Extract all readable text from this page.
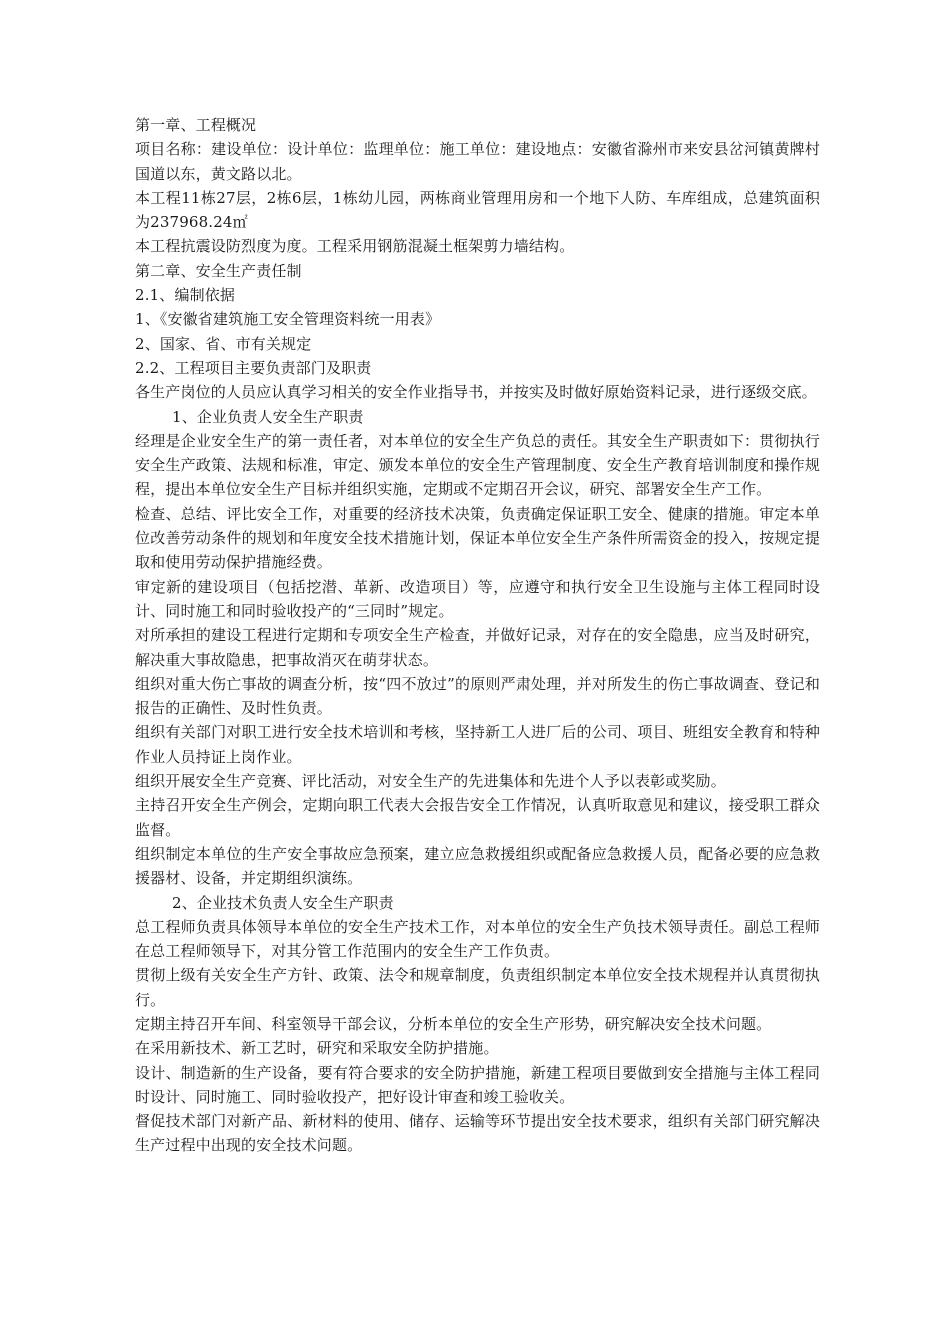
第一章、工程概况

项目名称：建设单位：设计单位：监理单位：施工单位：建设地点：安徽省滁州市来安县岔河镇黄牌村国道以东，黄文路以北。

本工程11栋27层，2栋6层，1栋幼儿园，两栋商业管理用房和一个地下人防、车库组成，总建筑面积为237968.24㎡

本工程抗震设防烈度为度。工程采用钢筋混凝土框架剪力墙结构。

第二章、安全生产责任制

2.1、编制依据

1、《安徽省建筑施工安全管理资料统一用表》

2、国家、省、市有关规定

2.2、工程项目主要负责部门及职责

各生产岗位的人员应认真学习相关的安全作业指导书，并按实及时做好原始资料记录，进行逐级交底。

1、企业负责人安全生产职责

经理是企业安全生产的第一责任者，对本单位的安全生产负总的责任。其安全生产职责如下：贯彻执行安全生产政策、法规和标准，审定、颁发本单位的安全生产管理制度、安全生产教育培训制度和操作规程，提出本单位安全生产目标并组织实施，定期或不定期召开会议，研究、部署安全生产工作。

检查、总结、评比安全工作，对重要的经济技术决策，负责确定保证职工安全、健康的措施。审定本单位改善劳动条件的规划和年度安全技术措施计划，保证本单位安全生产条件所需资金的投入，按规定提取和使用劳动保护措施经费。

审定新的建设项目（包括挖潜、革新、改造项目）等，应遵守和执行安全卫生设施与主体工程同时设计、同时施工和同时验收投产的“三同时”规定。

对所承担的建设工程进行定期和专项安全生产检查，并做好记录，对存在的安全隐患，应当及时研究，解决重大事故隐患，把事故消灭在萌芽状态。

组织对重大伤亡事故的调查分析，按“四不放过”的原则严肃处理，并对所发生的伤亡事故调查、登记和报告的正确性、及时性负责。

组织有关部门对职工进行安全技术培训和考核，坚持新工人进厂后的公司、项目、班组安全教育和特种作业人员持证上岗作业。

组织开展安全生产竞赛、评比活动，对安全生产的先进集体和先进个人予以表彰或奖励。

主持召开安全生产例会，定期向职工代表大会报告安全工作情况，认真听取意见和建议，接受职工群众监督。

组织制定本单位的生产安全事故应急预案，建立应急救援组织或配备应急救援人员，配备必要的应急救援器材、设备，并定期组织演练。

2、企业技术负责人安全生产职责

总工程师负责具体领导本单位的安全生产技术工作，对本单位的安全生产负技术领导责任。副总工程师在总工程师领导下，对其分管工作范围内的安全生产工作负责。

贯彻上级有关安全生产方针、政策、法令和规章制度，负责组织制定本单位安全技术规程并认真贯彻执行。

定期主持召开车间、科室领导干部会议，分析本单位的安全生产形势，研究解决安全技术问题。

在采用新技术、新工艺时，研究和采取安全防护措施。

设计、制造新的生产设备，要有符合要求的安全防护措施，新建工程项目要做到安全措施与主体工程同时设计、同时施工、同时验收投产，把好设计审查和竣工验收关。

督促技术部门对新产品、新材料的使用、储存、运输等环节提出安全技术要求，组织有关部门研究解决生产过程中出现的安全技术问题。
